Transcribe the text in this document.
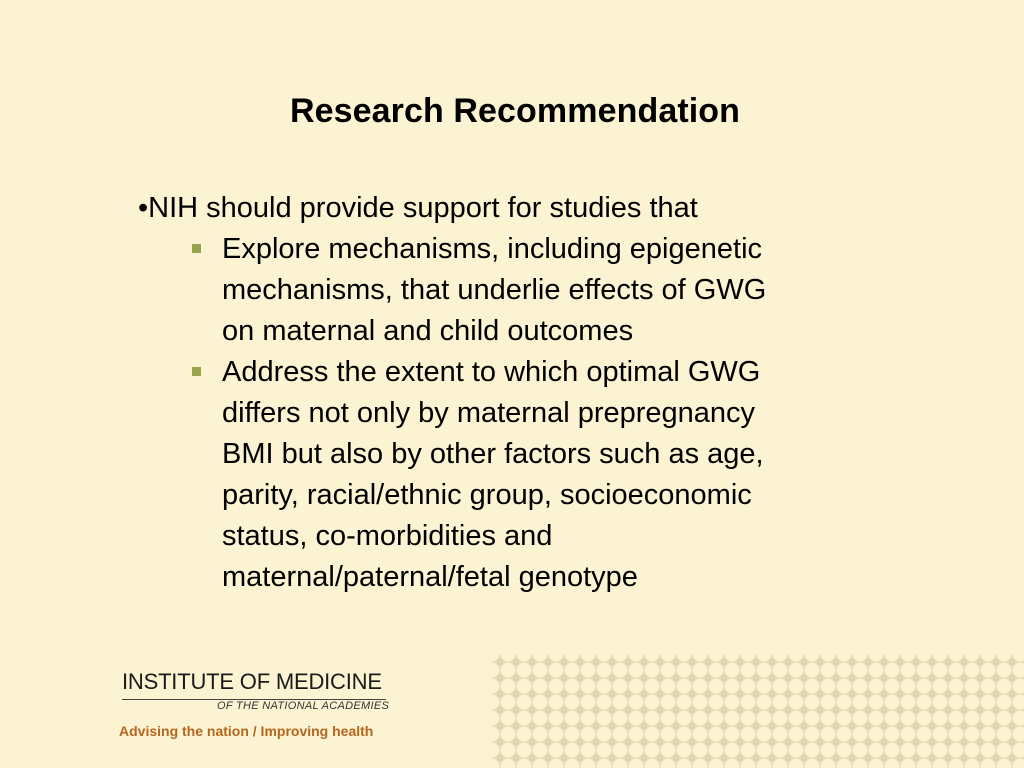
Research Recommendation
•NIH should provide support for studies that
Explore mechanisms, including epigenetic
mechanisms, that underlie effects of GWG
on maternal and child outcomes
Address the extent to which optimal GWG
differs not only by maternal prepregnancy
BMI but also by other factors such as age,
parity, racial/ethnic group, socioeconomic
status, co-morbidities and
maternal/paternal/fetal genotype
INSTITUTE OF MEDICINE
OF THE NATIONAL ACADEMIES
Advising the nation / Improving health
